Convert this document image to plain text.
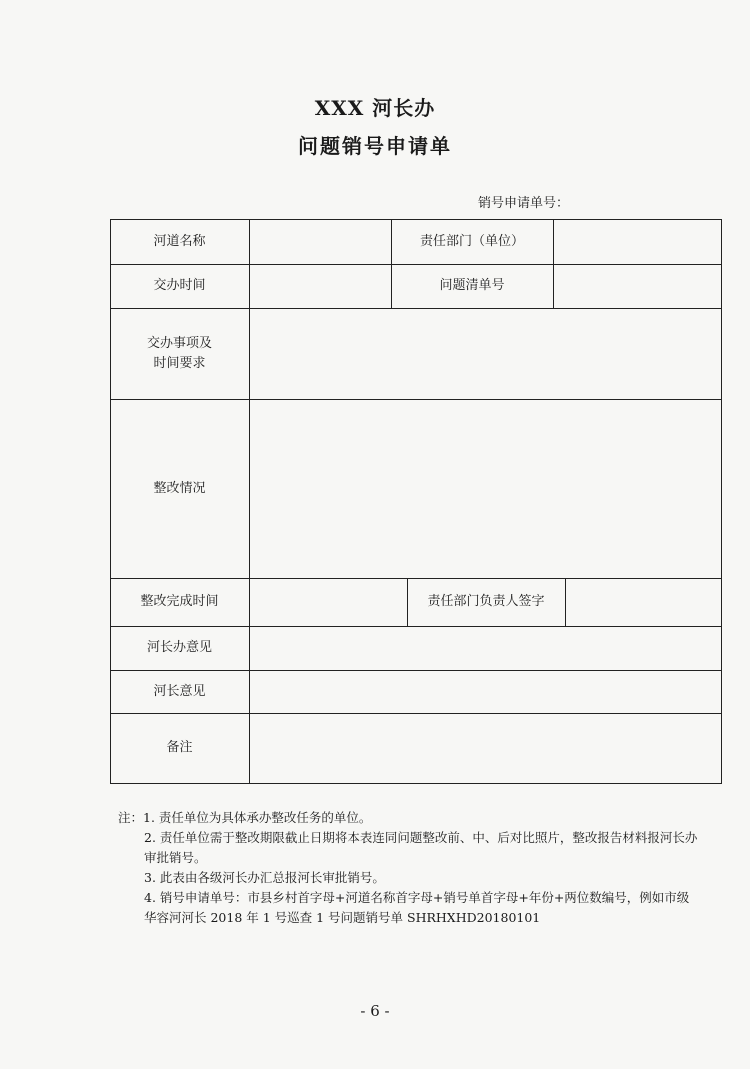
XXX 河长办
问题销号申请单
销号申请单号：
河道名称	责任部门（单位）
交办时间	问题清单号
交办事项及
时间要求
整改情况
整改完成时间	责任部门负责人签字
河长办意见
河长意见
备注

注：1. 责任单位为具体承办整改任务的单位。

2. 责任单位需于整改期限截止日期将本表连同问题整改前、中、后对比照片，整改报告材料报河长办审批销号。

3. 此表由各级河长办汇总报河长审批销号。

4. 销号申请单号：市县乡村首字母+河道名称首字母+销号单首字母+年份+两位数编号，例如市级华容河河长 2018 年 1 号巡查 1 号问题销号单 SHRHXHD20180101

- 6 -
